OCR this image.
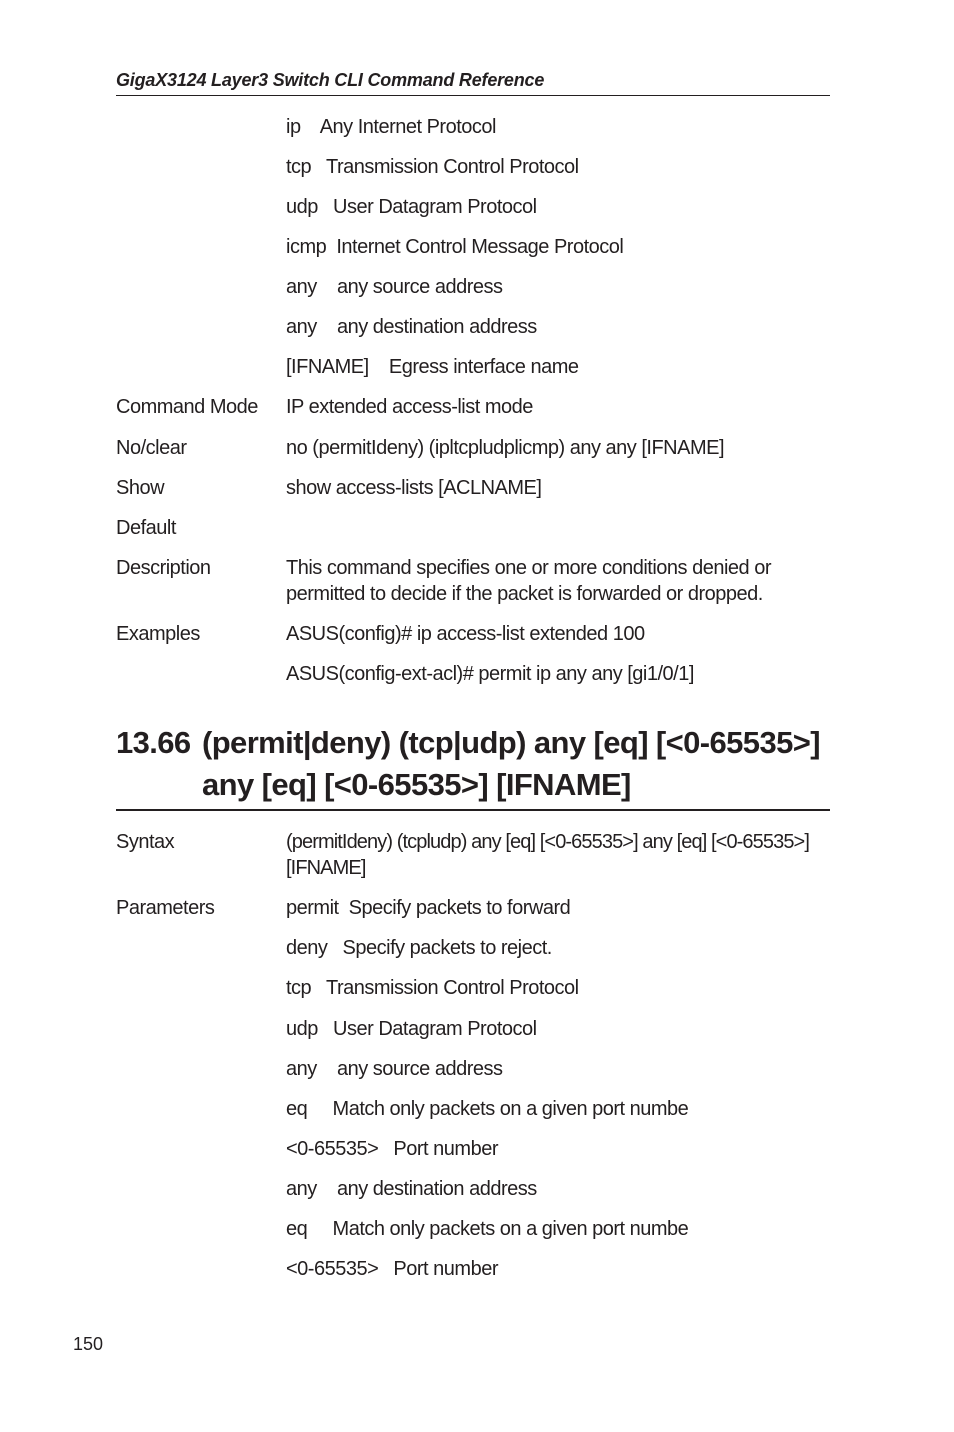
GigaX3124 Layer3 Switch CLI Command Reference
ip    Any Internet Protocol
tcp   Transmission Control Protocol
udp   User Datagram Protocol
icmp  Internet Control Message Protocol
any    any source address
any    any destination address
[IFNAME]    Egress interface name
Command Mode	IP extended access-list mode
No/clear	no (permitIdeny) (ipltcpludplicmp) any any [IFNAME]
Show	show access-lists [ACLNAME]
Default
Description	This command specifies one or more conditions denied or permitted to decide if the packet is forwarded or dropped.
Examples	ASUS(config)# ip access-list extended 100
ASUS(config-ext-acl)# permit ip any any [gi1/0/1]
13.66 (permit|deny) (tcp|udp) any [eq] [<0-65535>] any [eq] [<0-65535>] [IFNAME]
Syntax	(permitIdeny) (tcpludp) any [eq] [<0-65535>] any [eq] [<0-65535>] [IFNAME]
Parameters	permit  Specify packets to forward
deny   Specify packets to reject.
tcp   Transmission Control Protocol
udp   User Datagram Protocol
any    any source address
eq     Match only packets on a given port numbe
<0-65535>   Port number
any    any destination address
eq     Match only packets on a given port numbe
<0-65535>   Port number
150
